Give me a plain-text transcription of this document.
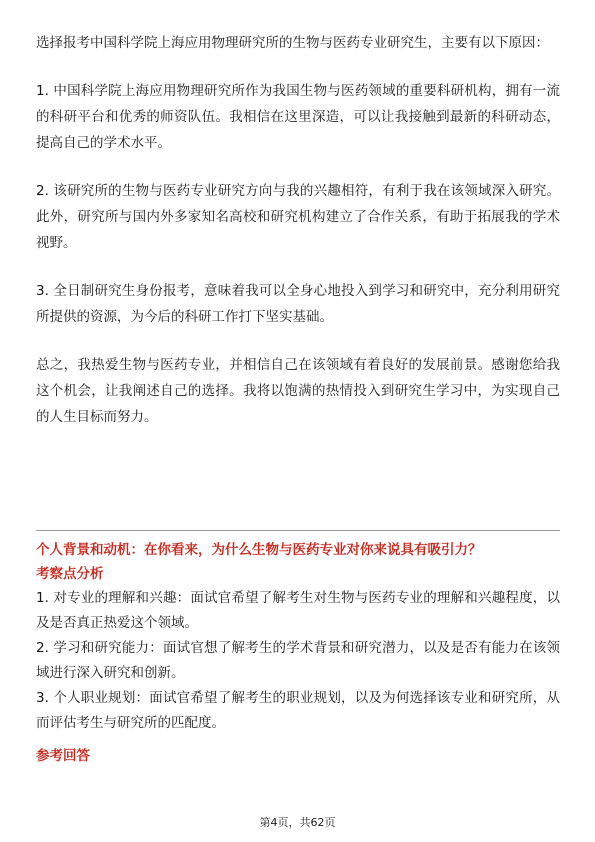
选择报考中国科学院上海应用物理研究所的生物与医药专业研究生，主要有以下原因：

1. 中国科学院上海应用物理研究所作为我国生物与医药领域的重要科研机构，拥有一流的科研平台和优秀的师资队伍。我相信在这里深造，可以让我接触到最新的科研动态，提高自己的学术水平。

2. 该研究所的生物与医药专业研究方向与我的兴趣相符，有利于我在该领域深入研究。此外，研究所与国内外多家知名高校和研究机构建立了合作关系，有助于拓展我的学术视野。

3. 全日制研究生身份报考，意味着我可以全身心地投入到学习和研究中，充分利用研究所提供的资源，为今后的科研工作打下坚实基础。

总之，我热爱生物与医药专业，并相信自己在该领域有着良好的发展前景。感谢您给我这个机会，让我阐述自己的选择。我将以饱满的热情投入到研究生学习中，为实现自己的人生目标而努力。

个人背景和动机：在你看来，为什么生物与医药专业对你来说具有吸引力？

考察点分析

1. 对专业的理解和兴趣：面试官希望了解考生对生物与医药专业的理解和兴趣程度，以及是否真正热爱这个领域。

2. 学习和研究能力：面试官想了解考生的学术背景和研究潜力，以及是否有能力在该领域进行深入研究和创新。

3. 个人职业规划：面试官希望了解考生的职业规划，以及为何选择该专业和研究所，从而评估考生与研究所的匹配度。

参考回答

第4页，共62页
